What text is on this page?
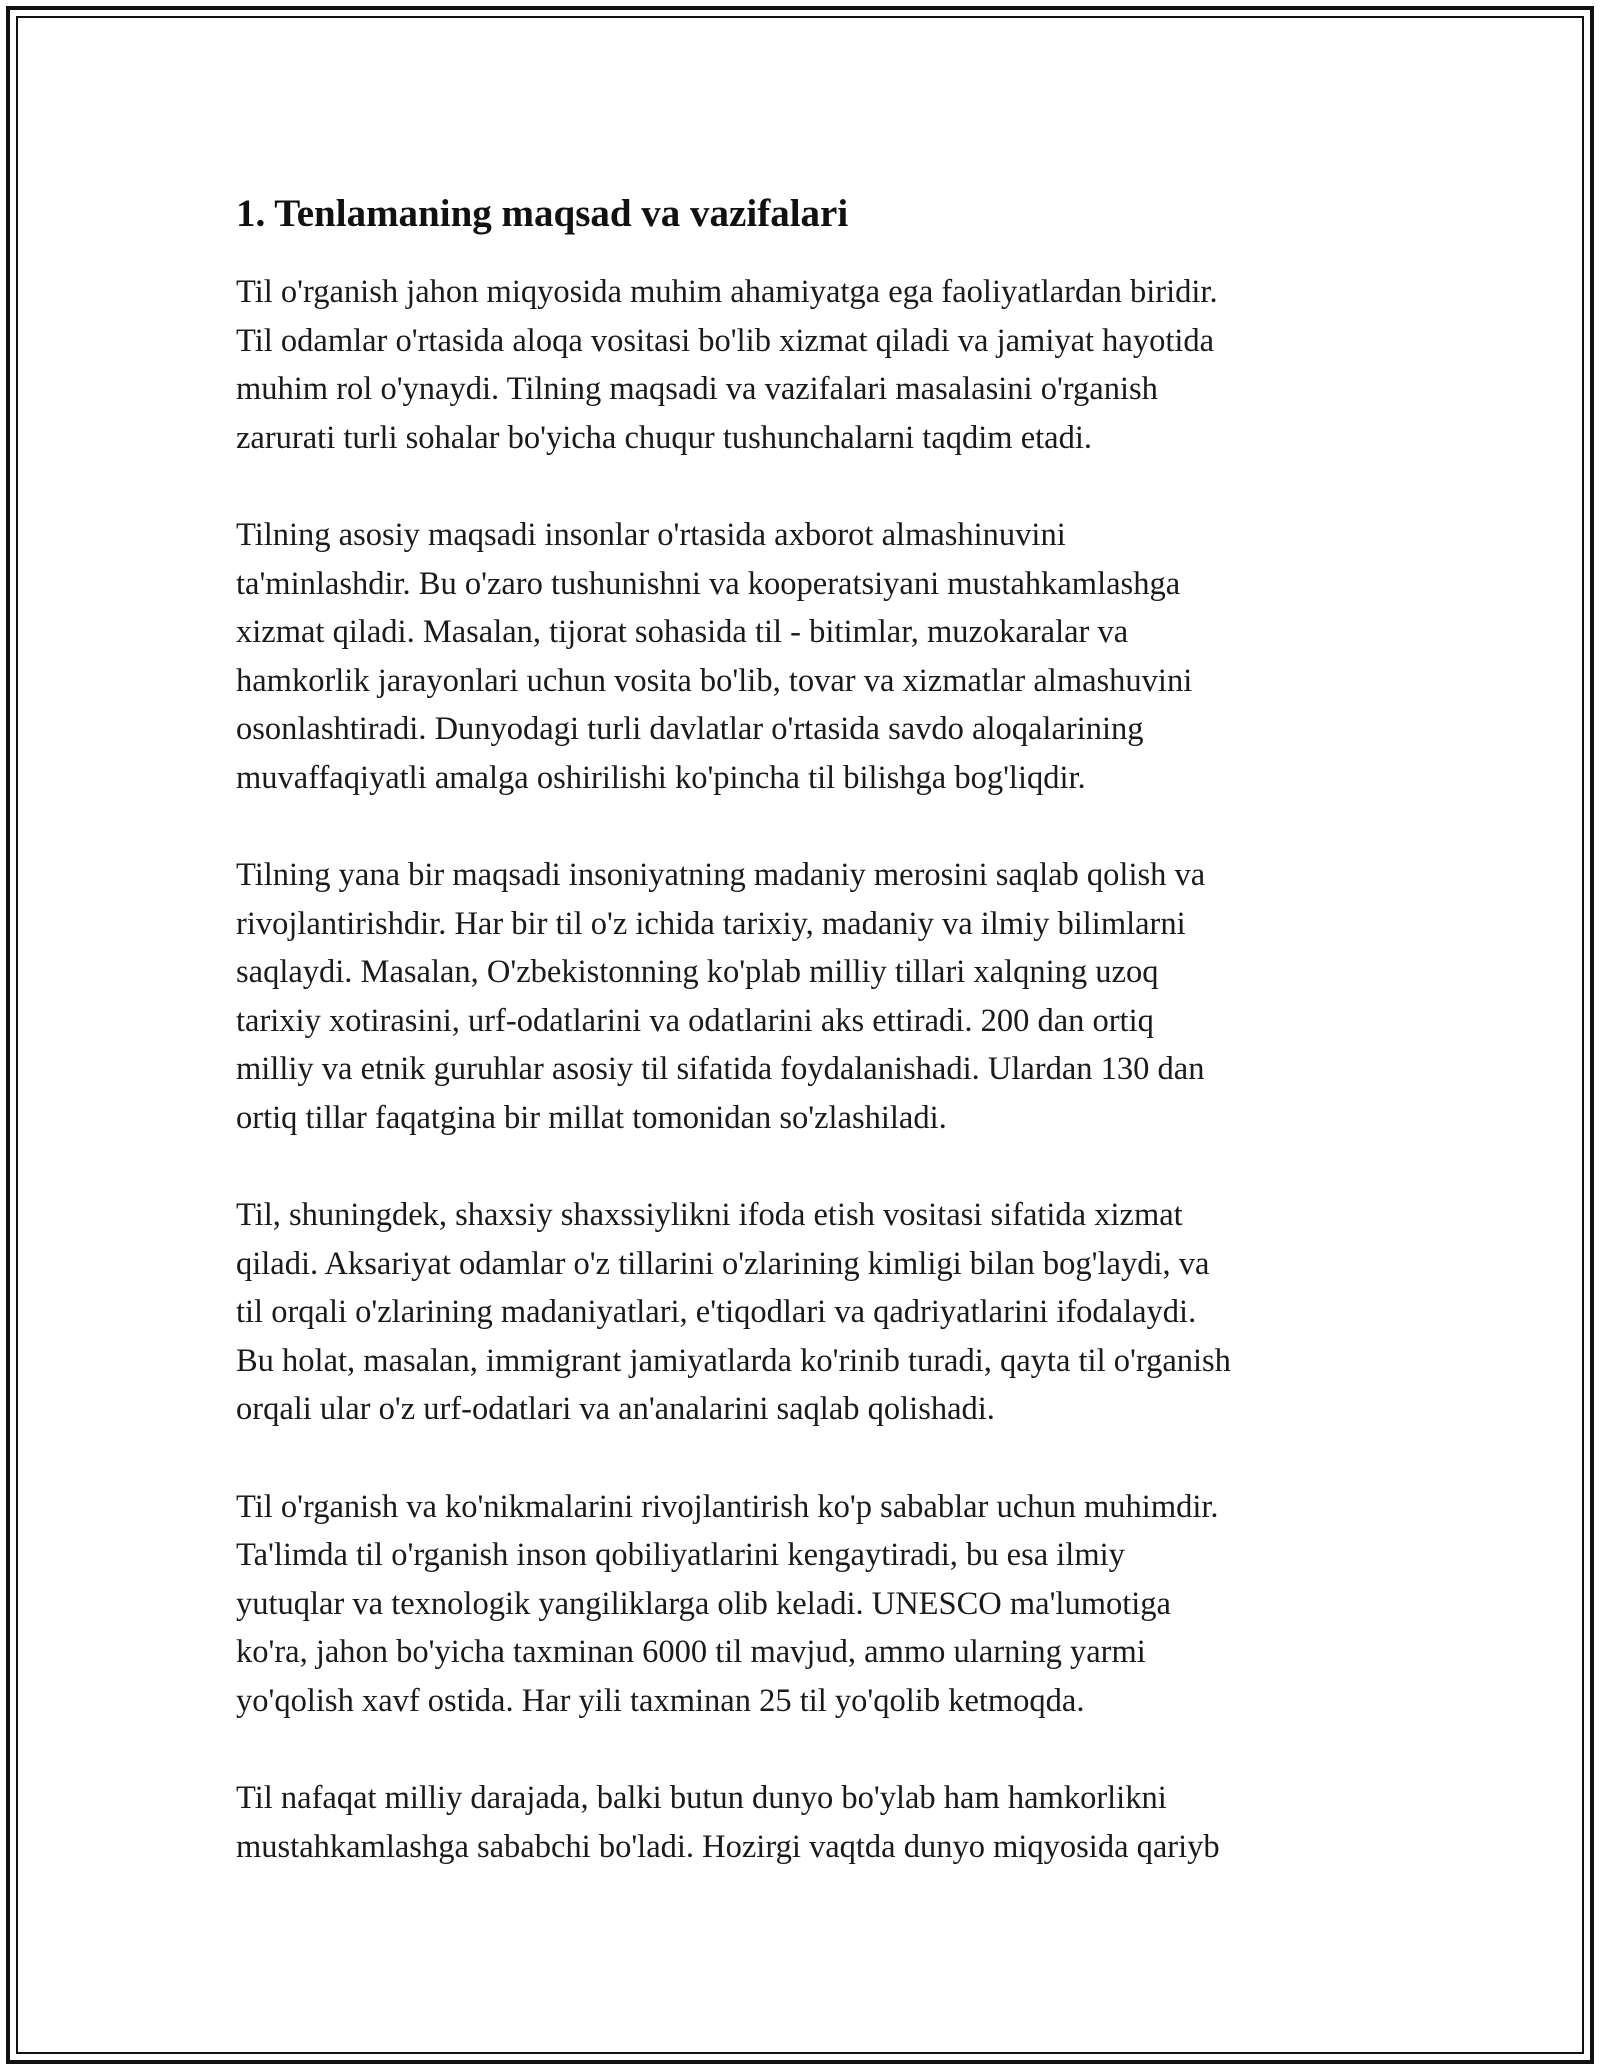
1. Tenlamaning maqsad va vazifalari

Til o'rganish jahon miqyosida muhim ahamiyatga ega faoliyatlardan biridir.
Til odamlar o'rtasida aloqa vositasi bo'lib xizmat qiladi va jamiyat hayotida
muhim rol o'ynaydi. Tilning maqsadi va vazifalari masalasini o'rganish
zarurati turli sohalar bo'yicha chuqur tushunchalarni taqdim etadi.

Tilning asosiy maqsadi insonlar o'rtasida axborot almashinuvini
ta'minlashdir. Bu o'zaro tushunishni va kooperatsiyani mustahkamlashga
xizmat qiladi. Masalan, tijorat sohasida til - bitimlar, muzokaralar va
hamkorlik jarayonlari uchun vosita bo'lib, tovar va xizmatlar almashuvini
osonlashtiradi. Dunyodagi turli davlatlar o'rtasida savdo aloqalarining
muvaffaqiyatli amalga oshirilishi ko'pincha til bilishga bog'liqdir.

Tilning yana bir maqsadi insoniyatning madaniy merosini saqlab qolish va
rivojlantirishdir. Har bir til o'z ichida tarixiy, madaniy va ilmiy bilimlarni
saqlaydi. Masalan, O'zbekistonning ko'plab milliy tillari xalqning uzoq
tarixiy xotirasini, urf-odatlarini va odatlarini aks ettiradi. 200 dan ortiq
milliy va etnik guruhlar asosiy til sifatida foydalanishadi. Ulardan 130 dan
ortiq tillar faqatgina bir millat tomonidan so'zlashiladi.

Til, shuningdek, shaxsiy shaxssiylikni ifoda etish vositasi sifatida xizmat
qiladi. Aksariyat odamlar o'z tillarini o'zlarining kimligi bilan bog'laydi, va
til orqali o'zlarining madaniyatlari, e'tiqodlari va qadriyatlarini ifodalaydi.
Bu holat, masalan, immigrant jamiyatlarda ko'rinib turadi, qayta til o'rganish
orqali ular o'z urf-odatlari va an'analarini saqlab qolishadi.

Til o'rganish va ko'nikmalarini rivojlantirish ko'p sabablar uchun muhimdir.
Ta'limda til o'rganish inson qobiliyatlarini kengaytiradi, bu esa ilmiy
yutuqlar va texnologik yangiliklarga olib keladi. UNESCO ma'lumotiga
ko'ra, jahon bo'yicha taxminan 6000 til mavjud, ammo ularning yarmi
yo'qolish xavf ostida. Har yili taxminan 25 til yo'qolib ketmoqda.

Til nafaqat milliy darajada, balki butun dunyo bo'ylab ham hamkorlikni
mustahkamlashga sababchi bo'ladi. Hozirgi vaqtda dunyo miqyosida qariyb
